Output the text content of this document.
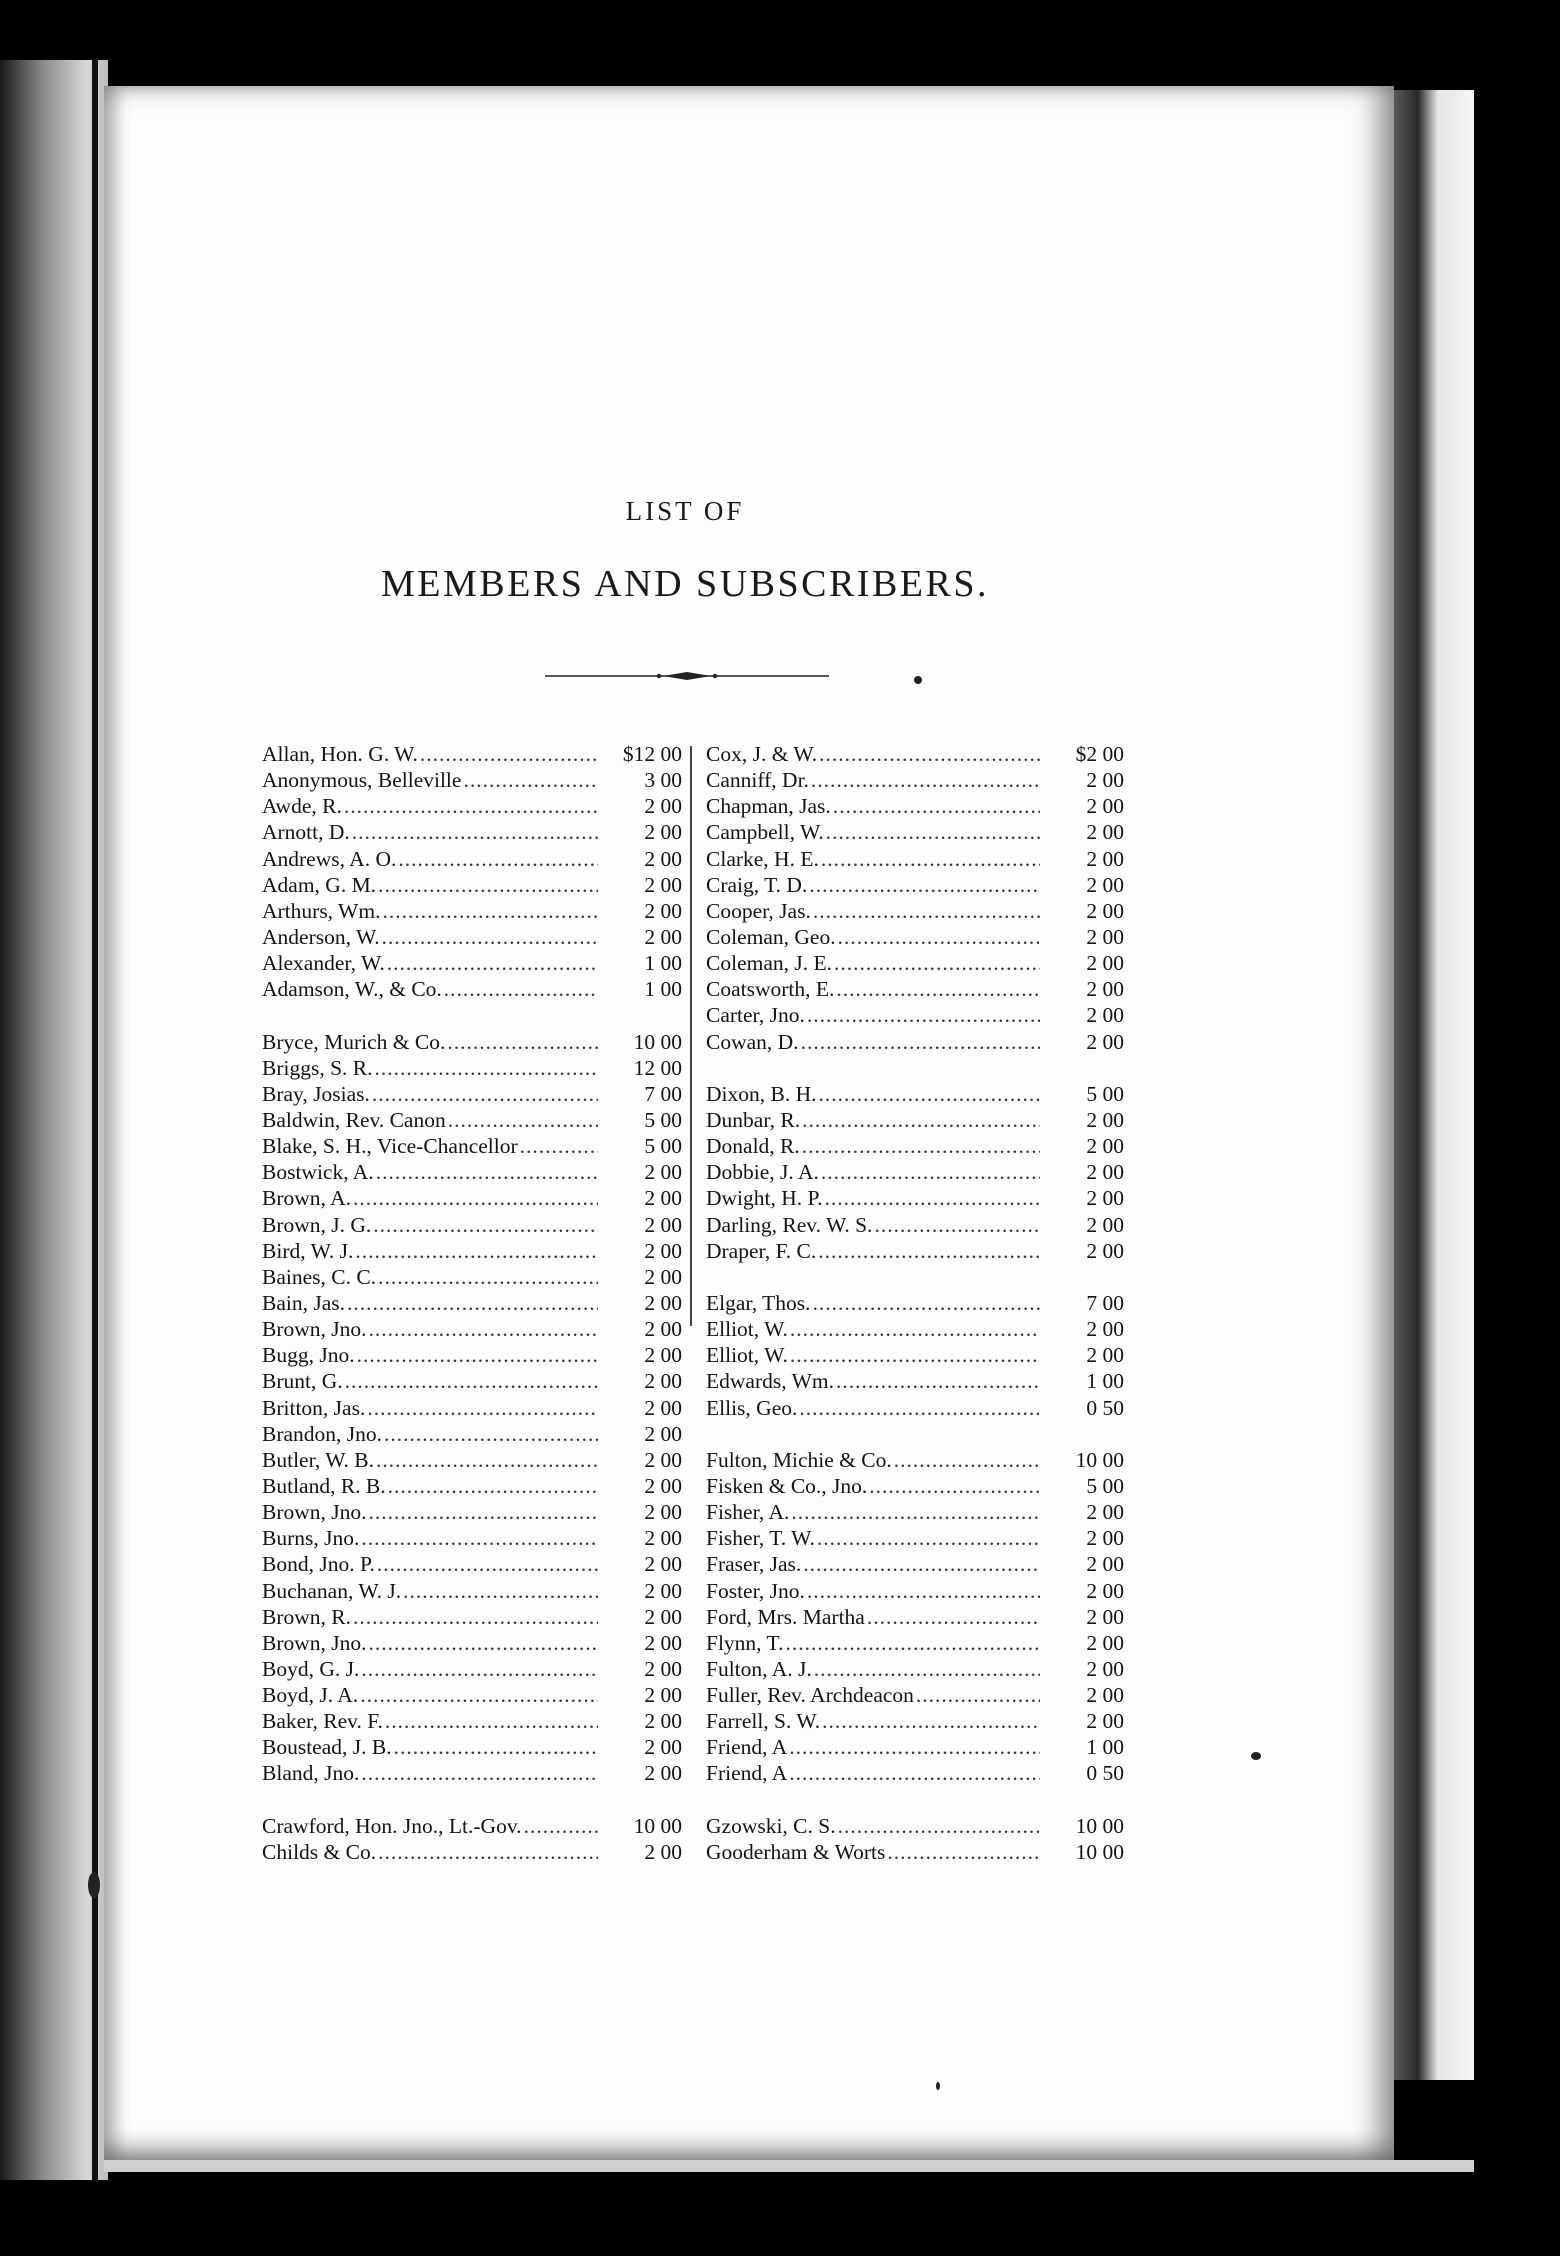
LIST OF
MEMBERS AND SUBSCRIBERS.
Allan, Hon. G. W. .....	$12 00
Anonymous, Belleville .....	3 00
Awde, R. .....	2 00
Arnott, D. .....	2 00
Andrews, A. O. .....	2 00
Adam, G. M. .....	2 00
Arthurs, Wm. .....	2 00
Anderson, W. .....	2 00
Alexander, W. .....	1 00
Adamson, W., & Co. .....	1 00
Bryce, Murich & Co. .....	10 00
Briggs, S. R. .....	12 00
Bray, Josias. .....	7 00
Baldwin, Rev. Canon .....	5 00
Blake, S. H., Vice-Chancellor .....	5 00
Bostwick, A. .....	2 00
Brown, A. .....	2 00
Brown, J. G. .....	2 00
Bird, W. J. .....	2 00
Baines, C. C. .....	2 00
Bain, Jas. .....	2 00
Brown, Jno. .....	2 00
Bugg, Jno. .....	2 00
Brunt, G. .....	2 00
Britton, Jas. .....	2 00
Brandon, Jno. .....	2 00
Butler, W. B. .....	2 00
Butland, R. B. .....	2 00
Brown, Jno. .....	2 00
Burns, Jno. .....	2 00
Bond, Jno. P. .....	2 00
Buchanan, W. J. .....	2 00
Brown, R. .....	2 00
Brown, Jno. .....	2 00
Boyd, G. J. .....	2 00
Boyd, J. A. .....	2 00
Baker, Rev. F. .....	2 00
Boustead, J. B. .....	2 00
Bland, Jno. .....	2 00
Crawford, Hon. Jno., Lt.-Gov. .....	10 00
Childs & Co. .....	2 00
Cox, J. & W. .....	$2 00
Canniff, Dr. .....	2 00
Chapman, Jas. .....	2 00
Campbell, W. .....	2 00
Clarke, H. E. .....	2 00
Craig, T. D. .....	2 00
Cooper, Jas. .....	2 00
Coleman, Geo. .....	2 00
Coleman, J. E. .....	2 00
Coatsworth, E. .....	2 00
Carter, Jno. .....	2 00
Cowan, D. .....	2 00
Dixon, B. H. .....	5 00
Dunbar, R. .....	2 00
Donald, R. .....	2 00
Dobbie, J. A. .....	2 00
Dwight, H. P. .....	2 00
Darling, Rev. W. S. .....	2 00
Draper, F. C. .....	2 00
Elgar, Thos. .....	7 00
Elliot, W. .....	2 00
Elliot, W. .....	2 00
Edwards, Wm. .....	1 00
Ellis, Geo. .....	0 50
Fulton, Michie & Co. .....	10 00
Fisken & Co., Jno. .....	5 00
Fisher, A. .....	2 00
Fisher, T. W. .....	2 00
Fraser, Jas. .....	2 00
Foster, Jno. .....	2 00
Ford, Mrs. Martha .....	2 00
Flynn, T. .....	2 00
Fulton, A. J. .....	2 00
Fuller, Rev. Archdeacon .....	2 00
Farrell, S. W. .....	2 00
Friend, A .....	1 00
Friend, A .....	0 50
Gzowski, C. S. .....	10 00
Gooderham & Worts .....	10 00
